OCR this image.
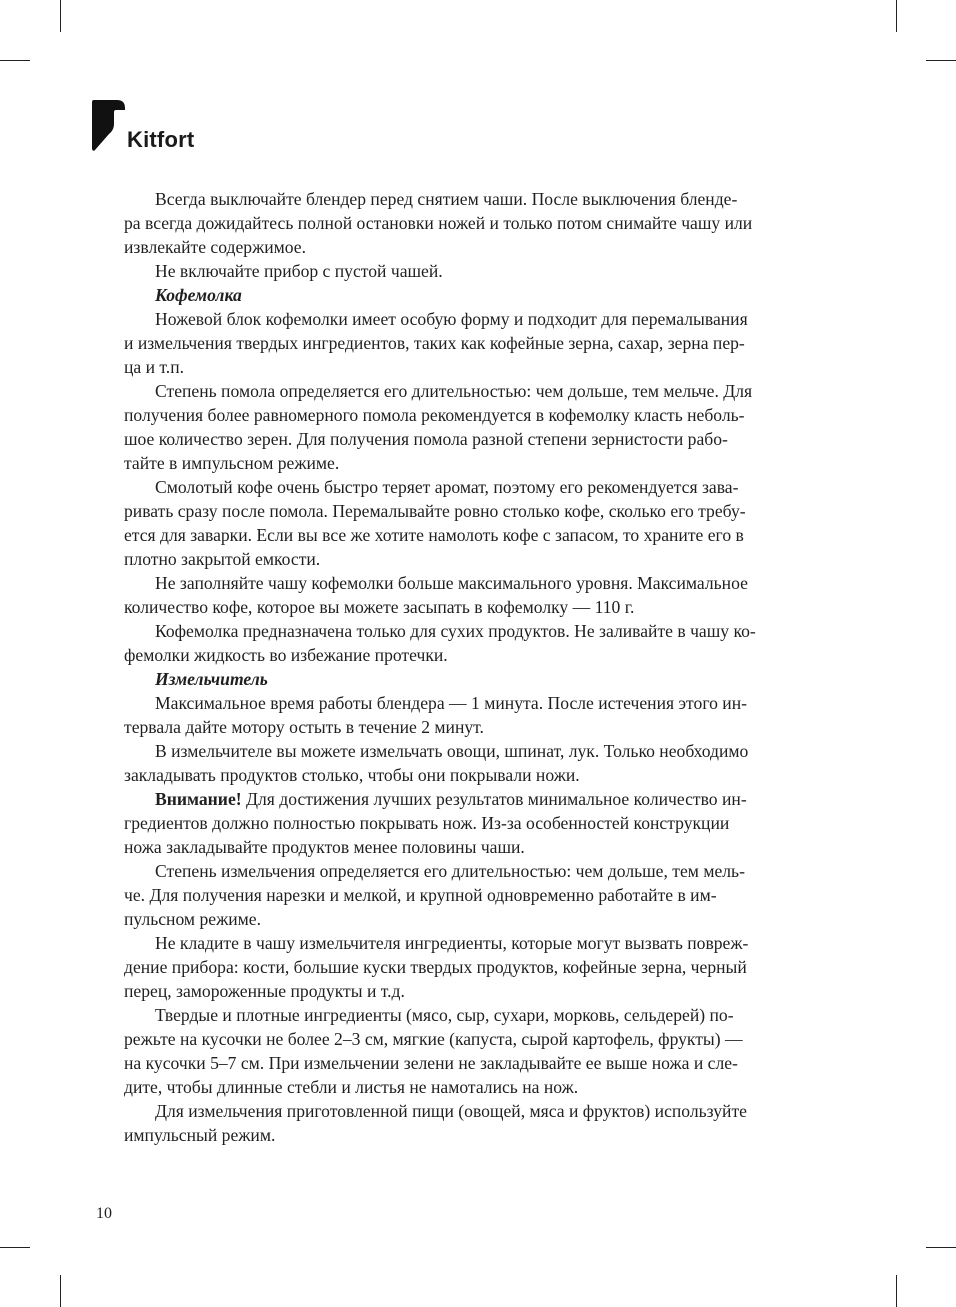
Kitfort
Всегда выключайте блендер перед снятием чаши. После выключения бленде-
ра всегда дожидайтесь полной остановки ножей и только потом снимайте чашу или
извлекайте содержимое.
Не включайте прибор с пустой чашей.
Кофемолка
Ножевой блок кофемолки имеет особую форму и подходит для перемалывания
и измельчения твердых ингредиентов, таких как кофейные зерна, сахар, зерна пер-
ца и т.п.
Степень помола определяется его длительностью: чем дольше, тем мельче. Для
получения более равномерного помола рекомендуется в кофемолку класть неболь-
шое количество зерен. Для получения помола разной степени зернистости рабо-
тайте в импульсном режиме.
Смолотый кофе очень быстро теряет аромат, поэтому его рекомендуется зава-
ривать сразу после помола. Перемалывайте ровно столько кофе, сколько его требу-
ется для заварки. Если вы все же хотите намолоть кофе с запасом, то храните его в
плотно закрытой емкости.
Не заполняйте чашу кофемолки больше максимального уровня. Максимальное
количество кофе, которое вы можете засыпать в кофемолку — 110 г.
Кофемолка предназначена только для сухих продуктов. Не заливайте в чашу ко-
фемолки жидкость во избежание протечки.
Измельчитель
Максимальное время работы блендера — 1 минута. После истечения этого ин-
тервала дайте мотору остыть в течение 2 минут.
В измельчителе вы можете измельчать овощи, шпинат, лук. Только необходимо
закладывать продуктов столько, чтобы они покрывали ножи.
Внимание! Для достижения лучших результатов минимальное количество ин-
гредиентов должно полностью покрывать нож. Из-за особенностей конструкции
ножа закладывайте продуктов менее половины чаши.
Степень измельчения определяется его длительностью: чем дольше, тем мель-
че. Для получения нарезки и мелкой, и крупной одновременно работайте в им-
пульсном режиме.
Не кладите в чашу измельчителя ингредиенты, которые могут вызвать повреж-
дение прибора: кости, большие куски твердых продуктов, кофейные зерна, черный
перец, замороженные продукты и т.д.
Твердые и плотные ингредиенты (мясо, сыр, сухари, морковь, сельдерей) по-
режьте на кусочки не более 2–3 см, мягкие (капуста, сырой картофель, фрукты) —
на кусочки 5–7 см. При измельчении зелени не закладывайте ее выше ножа и сле-
дите, чтобы длинные стебли и листья не намотались на нож.
Для измельчения приготовленной пищи (овощей, мяса и фруктов) используйте
импульсный режим.
10
